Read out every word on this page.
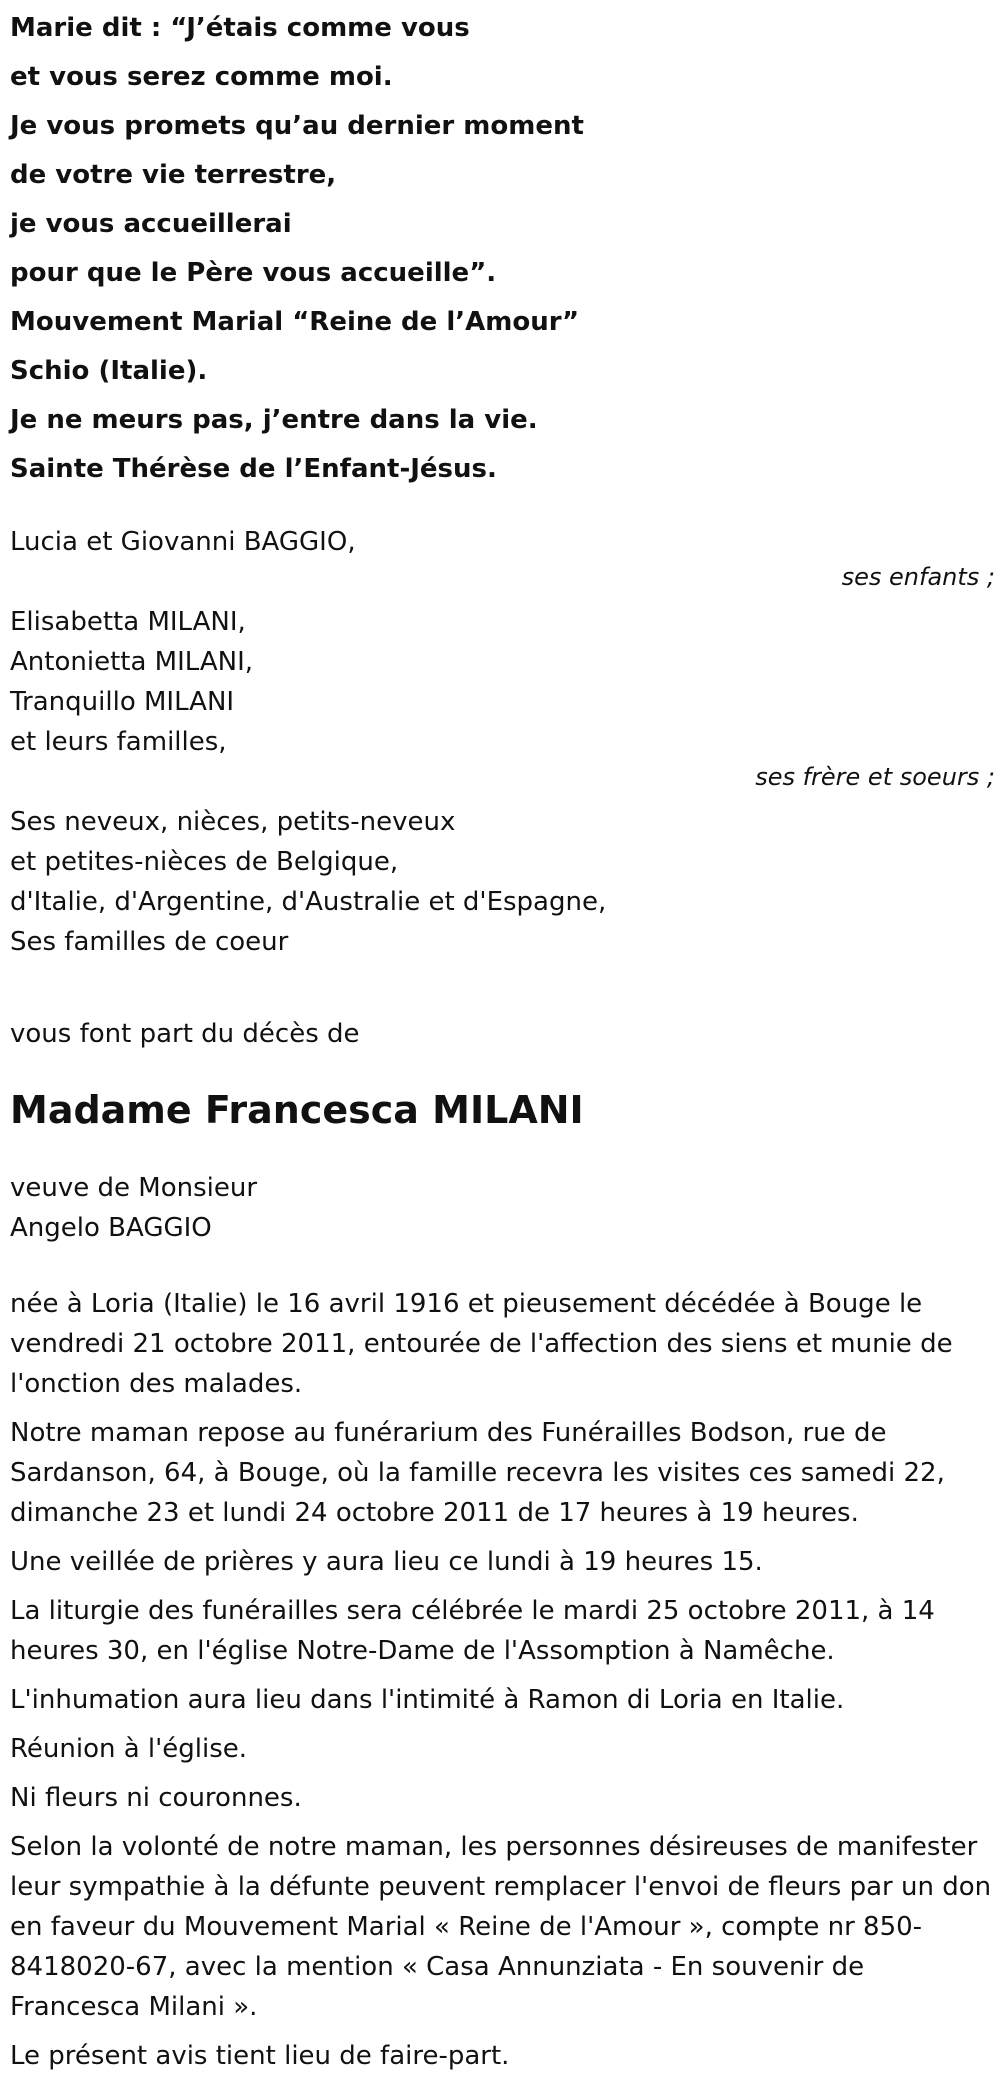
Marie dit : “J’étais comme vous
et vous serez comme moi.
Je vous promets qu’au dernier moment
de votre vie terrestre,
je vous accueillerai
pour que le Père vous accueille”.
Mouvement Marial “Reine de l’Amour”
Schio (Italie).
Je ne meurs pas, j’entre dans la vie.
Sainte Thérèse de l’Enfant-Jésus.
Lucia et Giovanni BAGGIO,
ses enfants ;
Elisabetta MILANI,
Antonietta MILANI,
Tranquillo MILANI
et leurs familles,
ses frère et soeurs ;
Ses neveux, nièces, petits-neveux
et petites-nièces de Belgique,
d'Italie, d'Argentine, d'Australie et d'Espagne,
Ses familles de coeur
vous font part du décès de
Madame Francesca MILANI
veuve de Monsieur
Angelo BAGGIO
née à Loria (Italie) le 16 avril 1916 et pieusement décédée à Bouge le vendredi 21 octobre 2011, entourée de l'affection des siens et munie de l'onction des malades.
Notre maman repose au funérarium des Funérailles Bodson, rue de Sardanson, 64, à Bouge, où la famille recevra les visites ces samedi 22, dimanche 23 et lundi 24 octobre 2011 de 17 heures à 19 heures.
Une veillée de prières y aura lieu ce lundi à 19 heures 15.
La liturgie des funérailles sera célébrée le mardi 25 octobre 2011, à 14 heures 30, en l'église Notre-Dame de l'Assomption à Namêche.
L'inhumation aura lieu dans l'intimité à Ramon di Loria en Italie.
Réunion à l'église.
Ni fleurs ni couronnes.
Selon la volonté de notre maman, les personnes désireuses de manifester leur sympathie à la défunte peuvent remplacer l'envoi de fleurs par un don en faveur du Mouvement Marial « Reine de l'Amour », compte nr 850-8418020-67, avec la mention « Casa Annunziata - En souvenir de Francesca Milani ».
Le présent avis tient lieu de faire-part.
